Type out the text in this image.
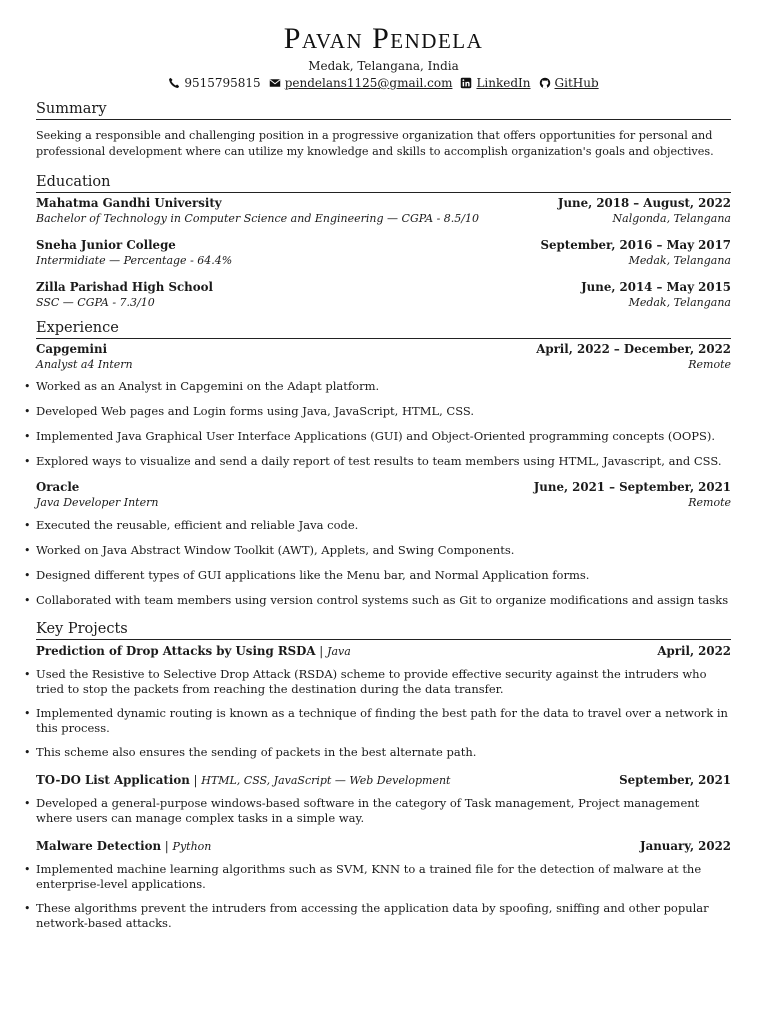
Pavan Pendela
Medak, Telangana, India
9515795815 pendelans1125@gmail.com LinkedIn GitHub
Summary
Seeking a responsible and challenging position in a progressive organization that offers opportunities for personal and professional development where can utilize my knowledge and skills to accomplish organization's goals and objectives.
Education
Mahatma Gandhi University	June, 2018 – August, 2022
Bachelor of Technology in Computer Science and Engineering — CGPA - 8.5/10	Nalgonda, Telangana
Sneha Junior College	September, 2016 – May 2017
Intermidiate — Percentage - 64.4%	Medak, Telangana
Zilla Parishad High School	June, 2014 – May 2015
SSC — CGPA - 7.3/10	Medak, Telangana
Experience
Capgemini	April, 2022 – December, 2022
Analyst a4 Intern	Remote
• Worked as an Analyst in Capgemini on the Adapt platform.
• Developed Web pages and Login forms using Java, JavaScript, HTML, CSS.
• Implemented Java Graphical User Interface Applications (GUI) and Object-Oriented programming concepts (OOPS).
• Explored ways to visualize and send a daily report of test results to team members using HTML, Javascript, and CSS.
Oracle	June, 2021 – September, 2021
Java Developer Intern	Remote
• Executed the reusable, efficient and reliable Java code.
• Worked on Java Abstract Window Toolkit (AWT), Applets, and Swing Components.
• Designed different types of GUI applications like the Menu bar, and Normal Application forms.
• Collaborated with team members using version control systems such as Git to organize modifications and assign tasks
Key Projects
Prediction of Drop Attacks by Using RSDA | Java	April, 2022
• Used the Resistive to Selective Drop Attack (RSDA) scheme to provide effective security against the intruders who tried to stop the packets from reaching the destination during the data transfer.
• Implemented dynamic routing is known as a technique of finding the best path for the data to travel over a network in this process.
• This scheme also ensures the sending of packets in the best alternate path.
TO-DO List Application | HTML, CSS, JavaScript — Web Development	September, 2021
• Developed a general-purpose windows-based software in the category of Task management, Project management where users can manage complex tasks in a simple way.
Malware Detection | Python	January, 2022
• Implemented machine learning algorithms such as SVM, KNN to a trained file for the detection of malware at the enterprise-level applications.
• These algorithms prevent the intruders from accessing the application data by spoofing, sniffing and other popular network-based attacks.
